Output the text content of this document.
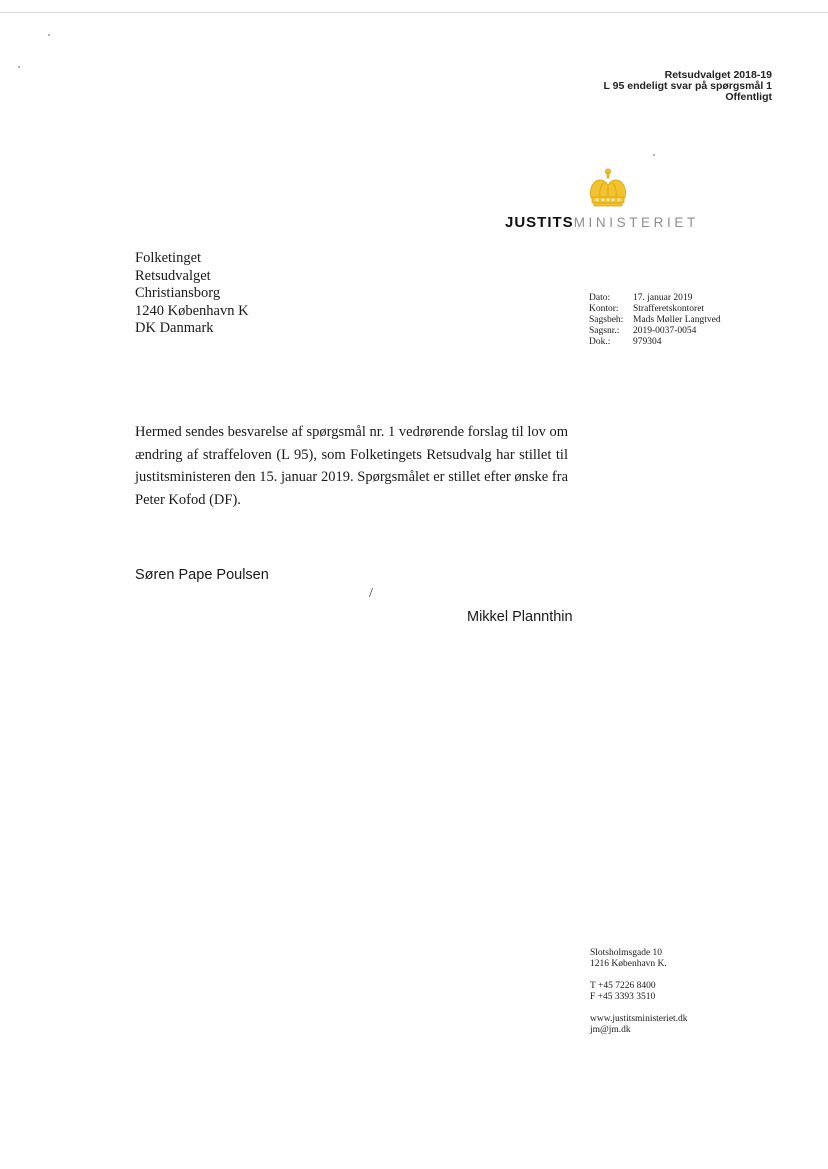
Retsudvalget 2018-19
L 95 endeligt svar på spørgsmål 1
Offentligt
JUSTITSMINISTERIET
Folketinget
Retsudvalget
Christiansborg
1240 København K
DK Danmark
Dato:	17. januar 2019
Kontor:	Strafferetskontoret
Sagsbeh:	Mads Møller Langtved
Sagsnr.:	2019-0037-0054
Dok.:	979304
Hermed sendes besvarelse af spørgsmål nr. 1 vedrørende forslag til lov om ændring af straffeloven (L 95), som Folketingets Retsudvalg har stillet til justitsministeren den 15. januar 2019. Spørgsmålet er stillet efter ønske fra Peter Kofod (DF).
Søren Pape Poulsen
/
Mikkel Plannthin
Slotsholmsgade 10
1216 København K.
T +45 7226 8400
F +45 3393 3510
www.justitsministeriet.dk
jm@jm.dk
